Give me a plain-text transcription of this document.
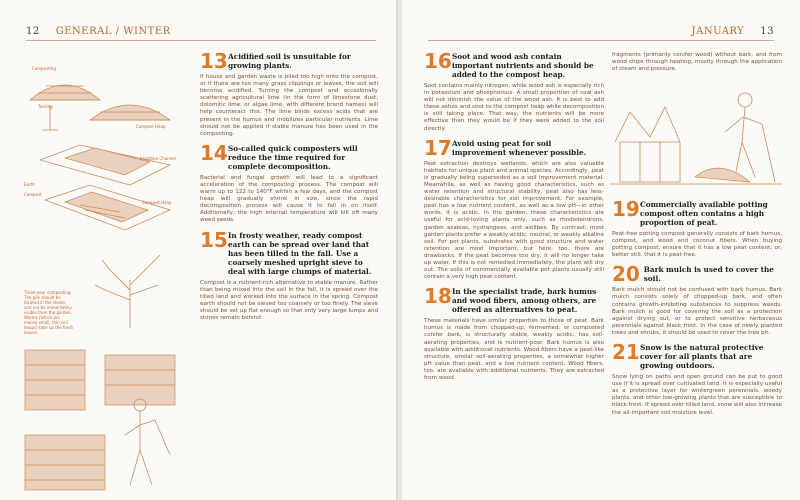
12 GENERAL / WINTER
Composting
Turning
Compost Heap
Irrigation Channel
Earth
Compost
Compost Heap
Three-year composting: The pile should be located in the shade, and not be immediately visible from the garden. Worms (which are mainly small, thin soil heaps) take up the fresh leaves.
13 Acidified soil is unsuitable for growing plants.
If house and garden waste is piled too high onto the compost, or if there are too many grass clippings or leaves, the soil will become acidified. Turning the compost and occasionally scattering agricultural lime (in the form of limestone dust, dolomitic lime, or algae lime, with different brand names) will help counteract this. The lime binds excess acids that are present in the humus and mobilizes particular nutrients. Lime should not be applied if stable manure has been used in the composting.
14 So-called quick composters will reduce the time required for complete decomposition.
Bacterial and fungal growth will lead to a significant acceleration of the composting process. The compost will warm up to 122 to 140°F within a few days, and the compost heap will gradually shrink in size, since the rapid decomposition process will cause it to fall in on itself. Additionally, the high internal temperature will kill off many weed seeds.
15 In frosty weather, ready compost earth can be spread over land that has been tilled in the fall. Use a coarsely meshed upright sieve to deal with large clumps of material.
Compost is a nutrient-rich alternative to stable manure. Rather than being mixed into the soil in the fall, it is spread over the tilled land and worked into the surface in the spring. Compost earth should not be sieved too coarsely or too finely. The sieve should be set up flat enough so that only very large lumps and stones remain behind.
JANUARY 13
16 Soot and wood ash contain important nutrients and should be added to the compost heap.
Soot contains mainly nitrogen, while wood ash is especially rich in potassium and phosphorous. A small proportion of coal ash will not diminish the value of the wood ash. It is best to add these ashes and soot to the compost heap while decomposition is still taking place. That way, the nutrients will be more effective than they would be if they were added to the soil directly.
17 Avoid using peat for soil improvement whenever possible.
Peat extraction destroys wetlands, which are also valuable habitats for unique plant and animal species. Accordingly, peat is gradually being superseded as a soil improvement material. Meanwhile, as well as having good characteristics, such as water retention and structural stability, peat also has less-desirable characteristics for soil improvement. For example, peat has a low nutrient content, as well as a low pH—in other words, it is acidic. In the garden, these characteristics are useful for acid-loving plants only, such as rhododendrons, garden azaleas, hydrangeas, and astilbes. By contrast, most garden plants prefer a weakly acidic, neutral, or weakly alkaline soil. For pot plants, substrates with good structure and water retention are most important, but here, too, there are drawbacks. If the peat becomes too dry, it will no longer take up water. If this is not remedied immediately, the plant will dry out. The soils of commercially available pot plants usually still contain a very high peat content.
18 In the specialist trade, bark humus and wood fibers, among others, are offered as alternatives to peat.
These materials have similar properties to those of peat. Bark humus is made from chopped-up, fermented, or composted conifer bark, is structurally stable, weakly acidic, has soil-aerating properties, and is nutrient-poor. Bark humus is also available with additional nutrients. Wood fibers have a peat-like structure, similar soil-aerating properties, a somewhat higher pH value than peat, and a low nutrient content. Wood fibers, too, are available with additional nutrients. They are extracted from wood
fragments (primarily conifer wood) without bark, and from wood chips through heating, mostly through the application of steam and pressure.
19 Commercially available potting compost often contains a high proportion of peat.
Peat-free potting compost generally consists of bark humus, compost, and wood and coconut fibers. When buying potting compost, ensure that it has a low peat content, or, better still, that it is peat-free.
20 Bark mulch is used to cover the soil.
Bark mulch should not be confused with bark humus. Bark mulch consists solely of chopped-up bark, and often contains growth-inhibiting substances to suppress weeds. Bark mulch is good for covering the soil as a protection against drying out, or to protect sensitive herbaceous perennials against black frost. In the case of newly planted trees and shrubs, it should be used to cover the tree pit.
21 Snow is the natural protective cover for all plants that are growing outdoors.
Snow lying on paths and open ground can be put to good use if it is spread over cultivated land. It is especially useful as a protective layer for wintergreen perennials, woody plants, and other low-growing plants that are susceptible to black frost. If spread over tilled land, snow will also increase the all-important soil moisture level.
